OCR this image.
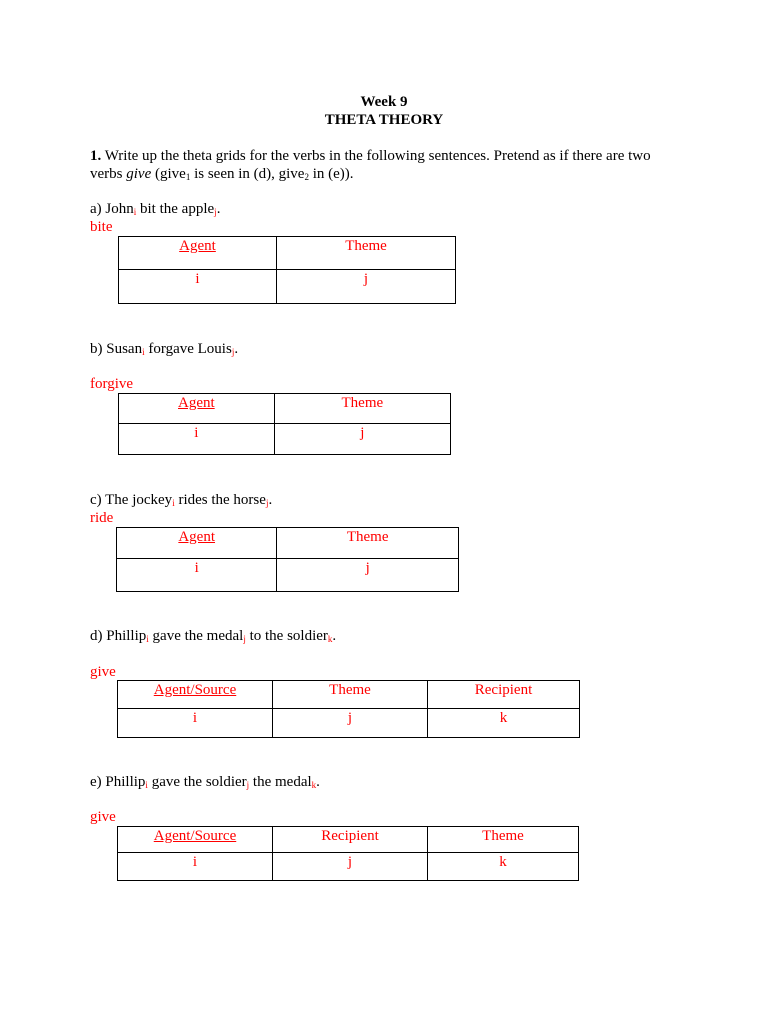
Week 9
THETA THEORY

1. Write up the theta grids for the verbs in the following sentences. Pretend as if there are two verbs give (give$_1$ is seen in (d), give$_2$ in (e)).

a) John$_i$ bit the apple$_j$.
bite
Agent	Theme
i	j
b) Susan$_i$ forgave Louis$_j$.
forgive
Agent	Theme
i	j
c) The jockey$_i$ rides the horse$_j$.
ride
Agent	Theme
i	j
d) Phillip$_i$ gave the medal$_j$ to the soldier$_k$.
give
Agent/Source	Theme	Recipient
i	j	k
e) Phillip$_i$ gave the soldier$_j$ the medal$_k$.
give
Agent/Source	Recipient	Theme
i	j	k
